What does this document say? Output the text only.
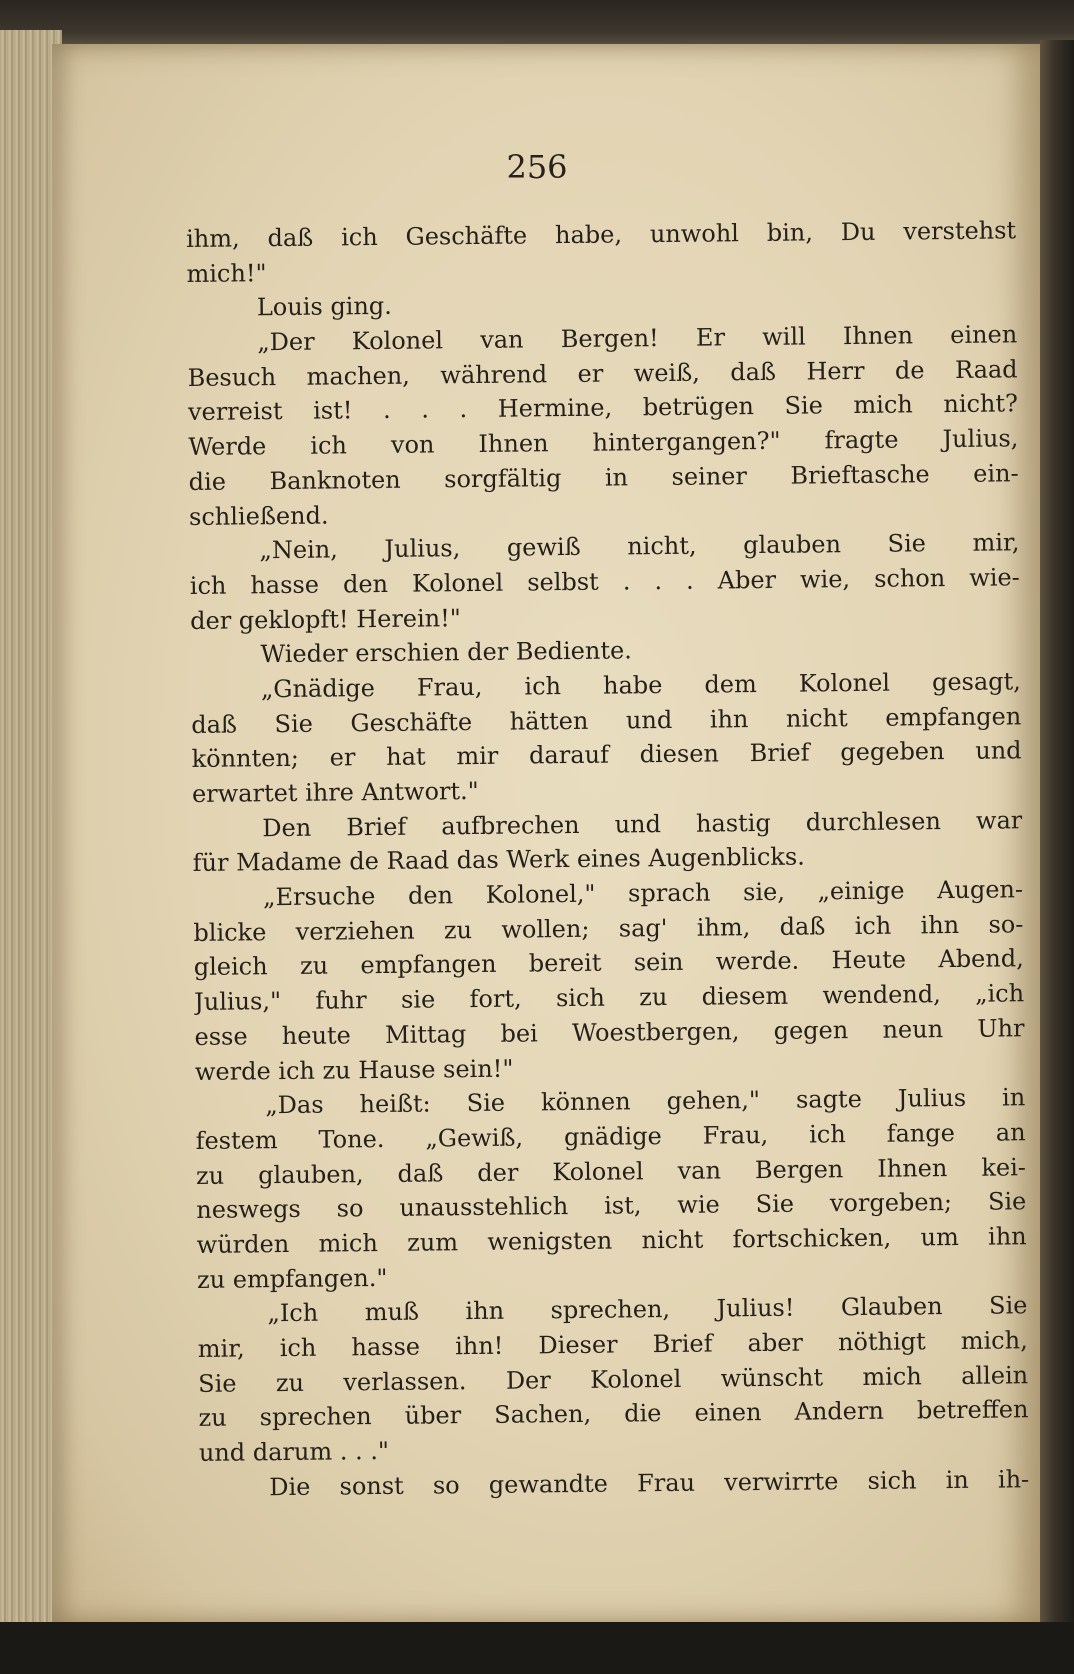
256

ihm, daß ich Geschäfte habe, unwohl bin, Du verstehst
mich!"
Louis ging.
„Der Kolonel van Bergen! Er will Ihnen einen
Besuch machen, während er weiß, daß Herr de Raad
verreist ist! . . . Hermine, betrügen Sie mich nicht?
Werde ich von Ihnen hintergangen?" fragte Julius,
die Banknoten sorgfältig in seiner Brieftasche ein-
schließend.
„Nein, Julius, gewiß nicht, glauben Sie mir,
ich hasse den Kolonel selbst . . . Aber wie, schon wie-
der geklopft! Herein!"
Wieder erschien der Bediente.
„Gnädige Frau, ich habe dem Kolonel gesagt,
daß Sie Geschäfte hätten und ihn nicht empfangen
könnten; er hat mir darauf diesen Brief gegeben und
erwartet ihre Antwort."
Den Brief aufbrechen und hastig durchlesen war
für Madame de Raad das Werk eines Augenblicks.
„Ersuche den Kolonel," sprach sie, „einige Augen-
blicke verziehen zu wollen; sag' ihm, daß ich ihn so-
gleich zu empfangen bereit sein werde. Heute Abend,
Julius," fuhr sie fort, sich zu diesem wendend, „ich
esse heute Mittag bei Woestbergen, gegen neun Uhr
werde ich zu Hause sein!"
„Das heißt: Sie können gehen," sagte Julius in
festem Tone. „Gewiß, gnädige Frau, ich fange an
zu glauben, daß der Kolonel van Bergen Ihnen kei-
neswegs so unausstehlich ist, wie Sie vorgeben; Sie
würden mich zum wenigsten nicht fortschicken, um ihn
zu empfangen."
„Ich muß ihn sprechen, Julius! Glauben Sie
mir, ich hasse ihn! Dieser Brief aber nöthigt mich,
Sie zu verlassen. Der Kolonel wünscht mich allein
zu sprechen über Sachen, die einen Andern betreffen
und darum . . ."
Die sonst so gewandte Frau verwirrte sich in ih-
